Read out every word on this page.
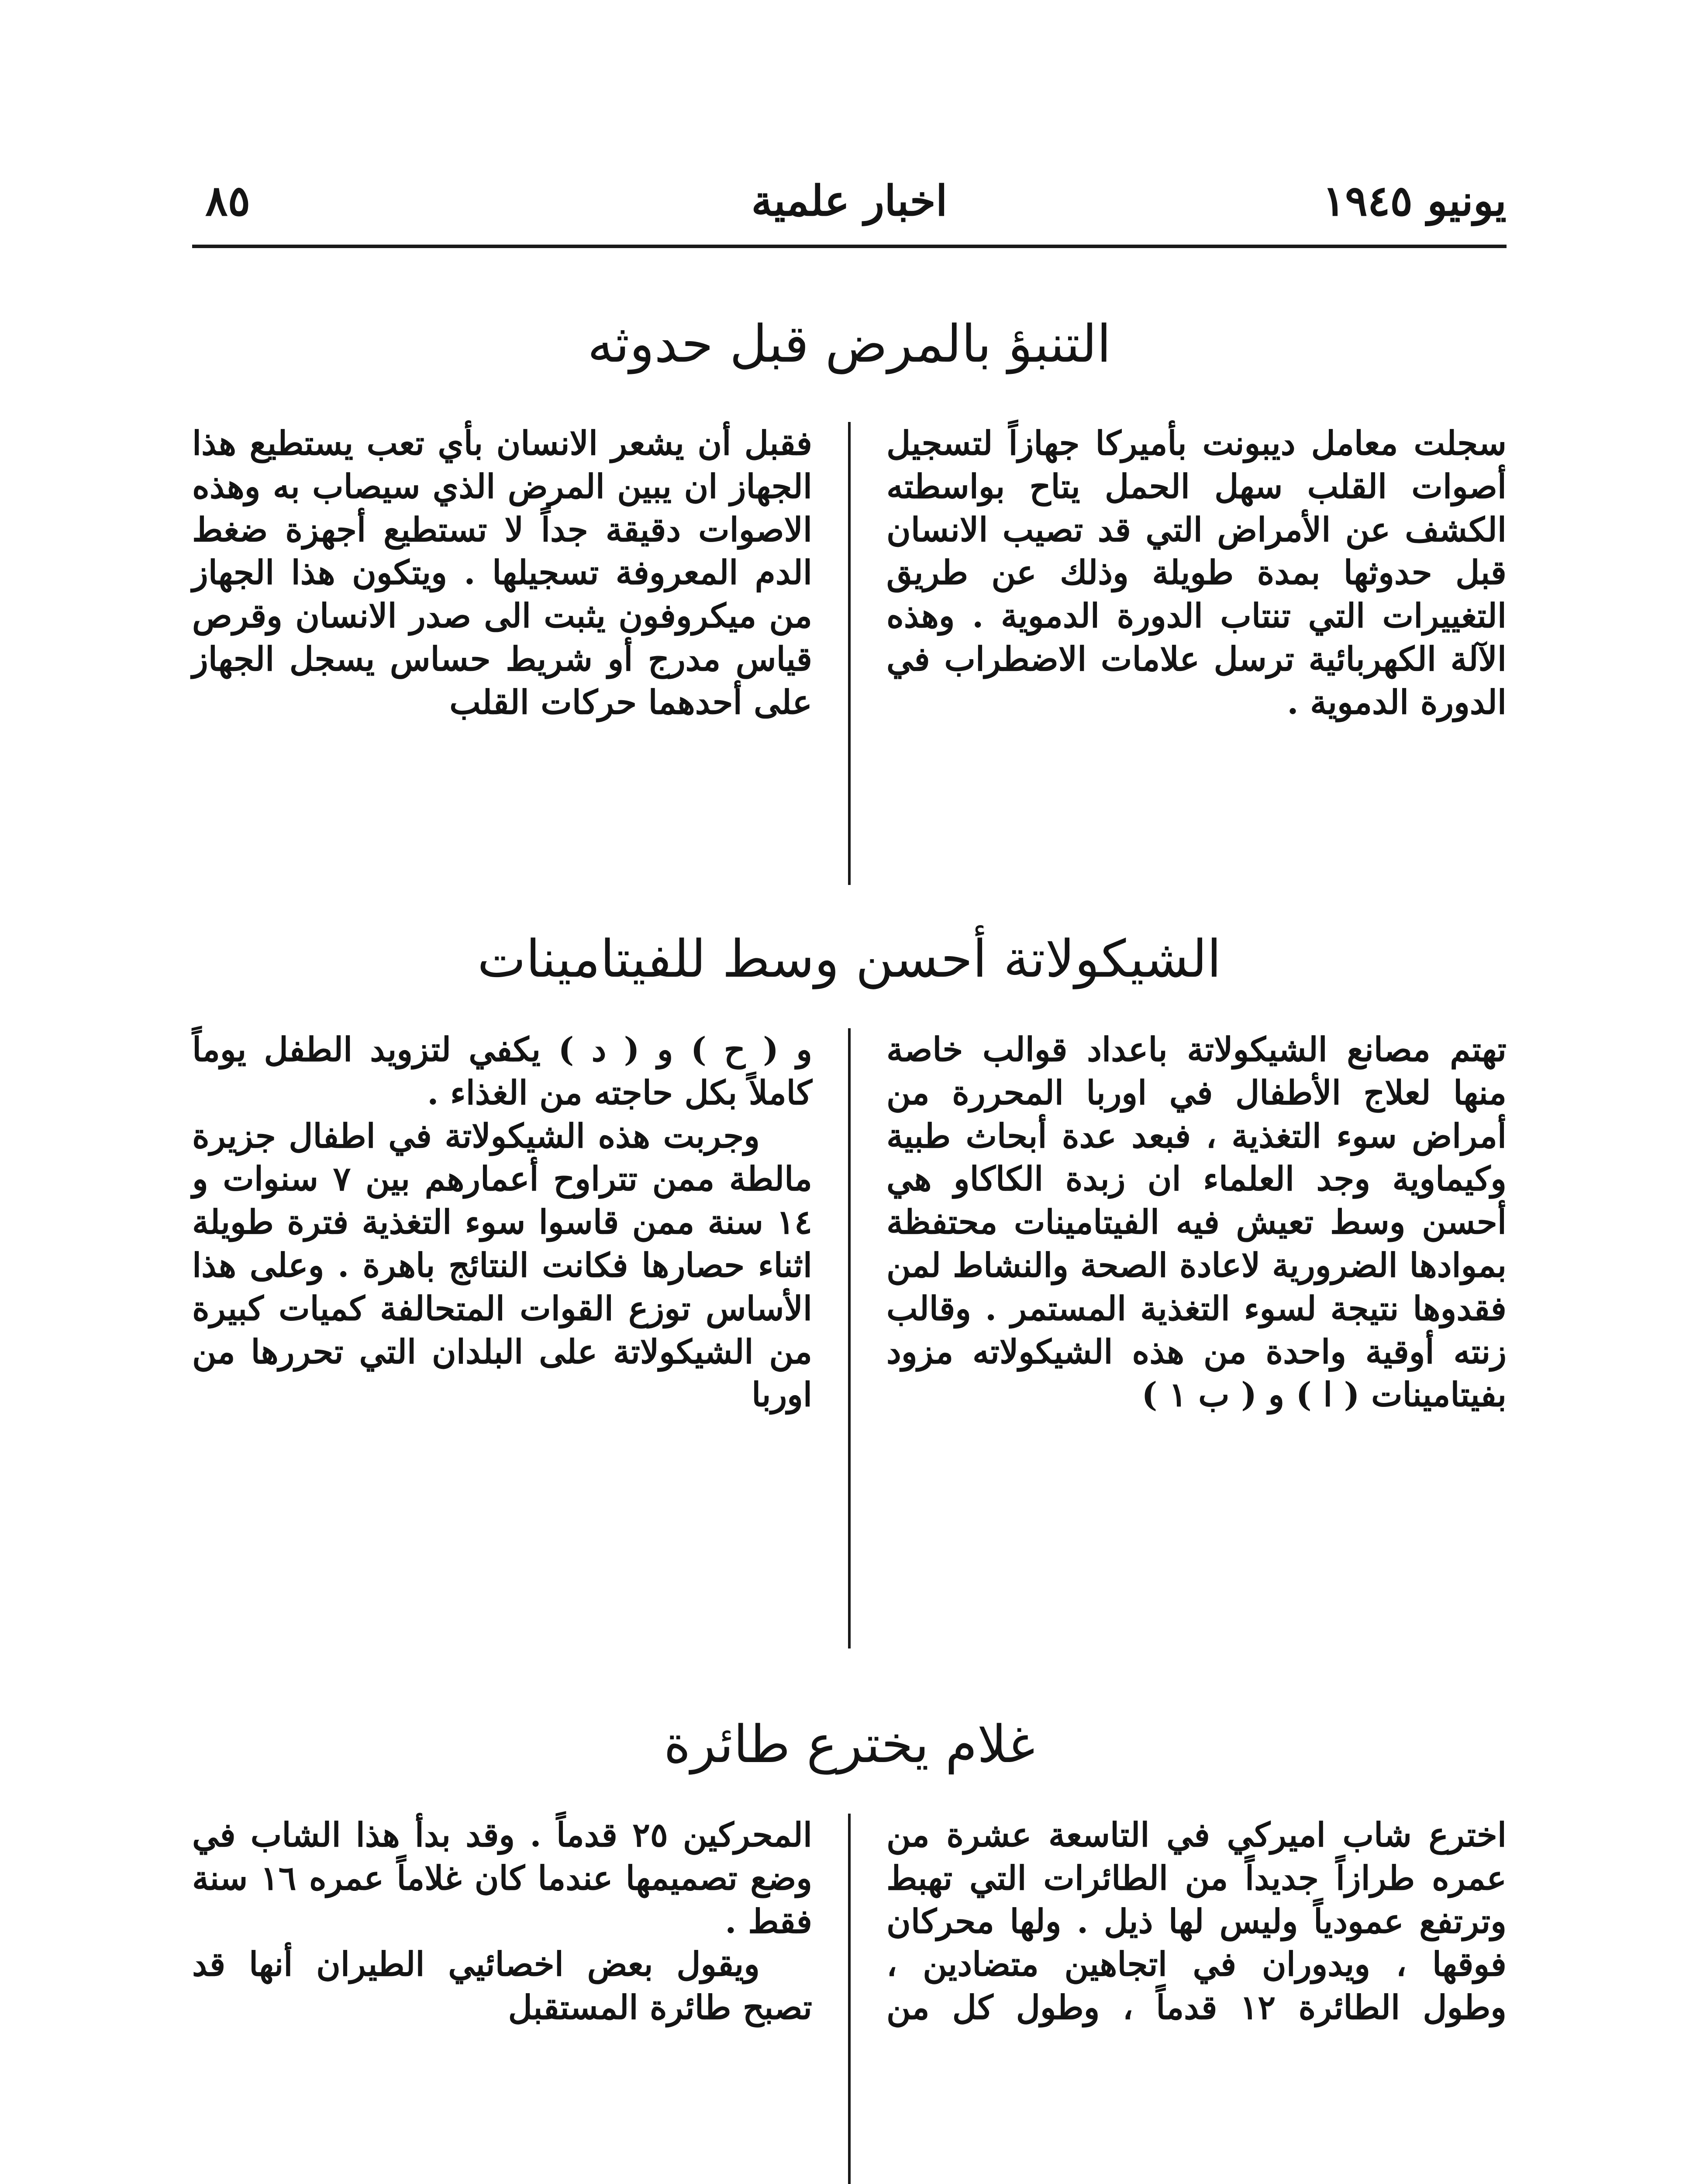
يونيو ١٩٤٥
اخبار علمية
٨٥
التنبؤ بالمرض قبل حدوثه

سجلت معامل ديبونت بأميركا جهازاً لتسجيل أصوات القلب سهل الحمل يتاح بواسطته الكشف عن الأمراض التي قد تصيب الانسان قبل حدوثها بمدة طويلة وذلك عن طريق التغييرات التي تنتاب الدورة الدموية . وهذه الآلة الكهربائية ترسل علامات الاضطراب في الدورة الدموية .

فقبل أن يشعر الانسان بأي تعب يستطيع هذا الجهاز ان يبين المرض الذي سيصاب به وهذه الاصوات دقيقة جداً لا تستطيع أجهزة ضغط الدم المعروفة تسجيلها . ويتكون هذا الجهاز من ميكروفون يثبت الى صدر الانسان وقرص قياس مدرج أو شريط حساس يسجل الجهاز على أحدهما حركات القلب

الشيكولاتة أحسن وسط للفيتامينات

تهتم مصانع الشيكولاتة باعداد قوالب خاصة منها لعلاج الأطفال في اوربا المحررة من أمراض سوء التغذية ، فبعد عدة أبحاث طبية وكيماوية وجد العلماء ان زبدة الكاكاو هي أحسن وسط تعيش فيه الفيتامينات محتفظة بموادها الضرورية لاعادة الصحة والنشاط لمن فقدوها نتيجة لسوء التغذية المستمر . وقالب زنته أوقية واحدة من هذه الشيكولاته مزود بفيتامينات ( ا ) و ( ب ١ )

و ( ح ) و ( د ) يكفي لتزويد الطفل يوماً كاملاً بكل حاجته من الغذاء .

وجربت هذه الشيكولاتة في اطفال جزيرة مالطة ممن تتراوح أعمارهم بين ٧ سنوات و ١٤ سنة ممن قاسوا سوء التغذية فترة طويلة اثناء حصارها فكانت النتائج باهرة . وعلى هذا الأساس توزع القوات المتحالفة كميات كبيرة من الشيكولاتة على البلدان التي تحررها من اوربا

غلام يخترع طائرة

اخترع شاب اميركي في التاسعة عشرة من عمره طرازاً جديداً من الطائرات التي تهبط وترتفع عمودياً وليس لها ذيل . ولها محركان فوقها ، ويدوران في اتجاهين متضادين ، وطول الطائرة ١٢ قدماً ، وطول كل من

المحركين ٢٥ قدماً . وقد بدأ هذا الشاب في وضع تصميمها عندما كان غلاماً عمره ١٦ سنة فقط .

ويقول بعض اخصائيي الطيران أنها قد تصبح طائرة المستقبل
